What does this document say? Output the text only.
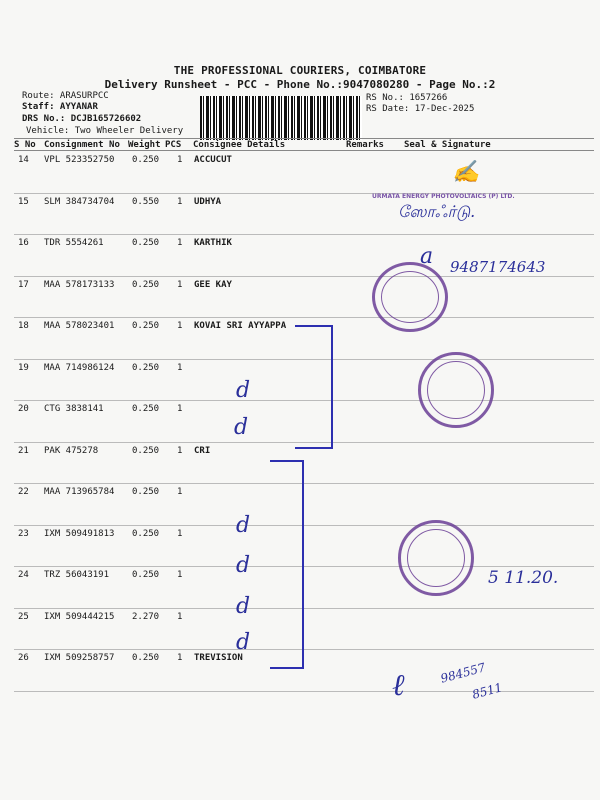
THE PROFESSIONAL COURIERS, COIMBATORE
Delivery Runsheet - PCC - Phone No.:9047080280 - Page No.:2
Route: ARASURPCC
Staff: AYYANAR
DRS No.: DCJB165726602
Vehicle: Two Wheeler Delivery
RS No.: 1657266
RS Date: 17-Dec-2025
S No Consignment No Weight PCS Consignee Details	Remarks Seal & Signature
14 VPL 523352750 0.250 1 ACCUCUT
15 SLM 384734704 0.550 1 UDHYA
16 TDR 5554261	0.250 1 KARTHIK
17 MAA 578173133 0.250 1 GEE KAY
18 MAA 578023401 0.250 1 KOVAI SRI AYYAPPA
19 MAA 714986124 0.250 1
20 CTG 3838141	0.250 1
21 PAK 475278	0.250 1 CRI
22 MAA 713965784 0.250 1
23 IXM 509491813 0.250 1
24 TRZ 56043191	0.250 1
25 IXM 509444215 2.270 1
26 IXM 509258757 0.250 1 TREVISION
✍
URMATA ENERGY PHOTOVOLTAICS (P) LTD.
ஸோஃர்டு.
a 9487174643
d
d
d
d
d
d
5 11.20.
ℓ	984557
8511
